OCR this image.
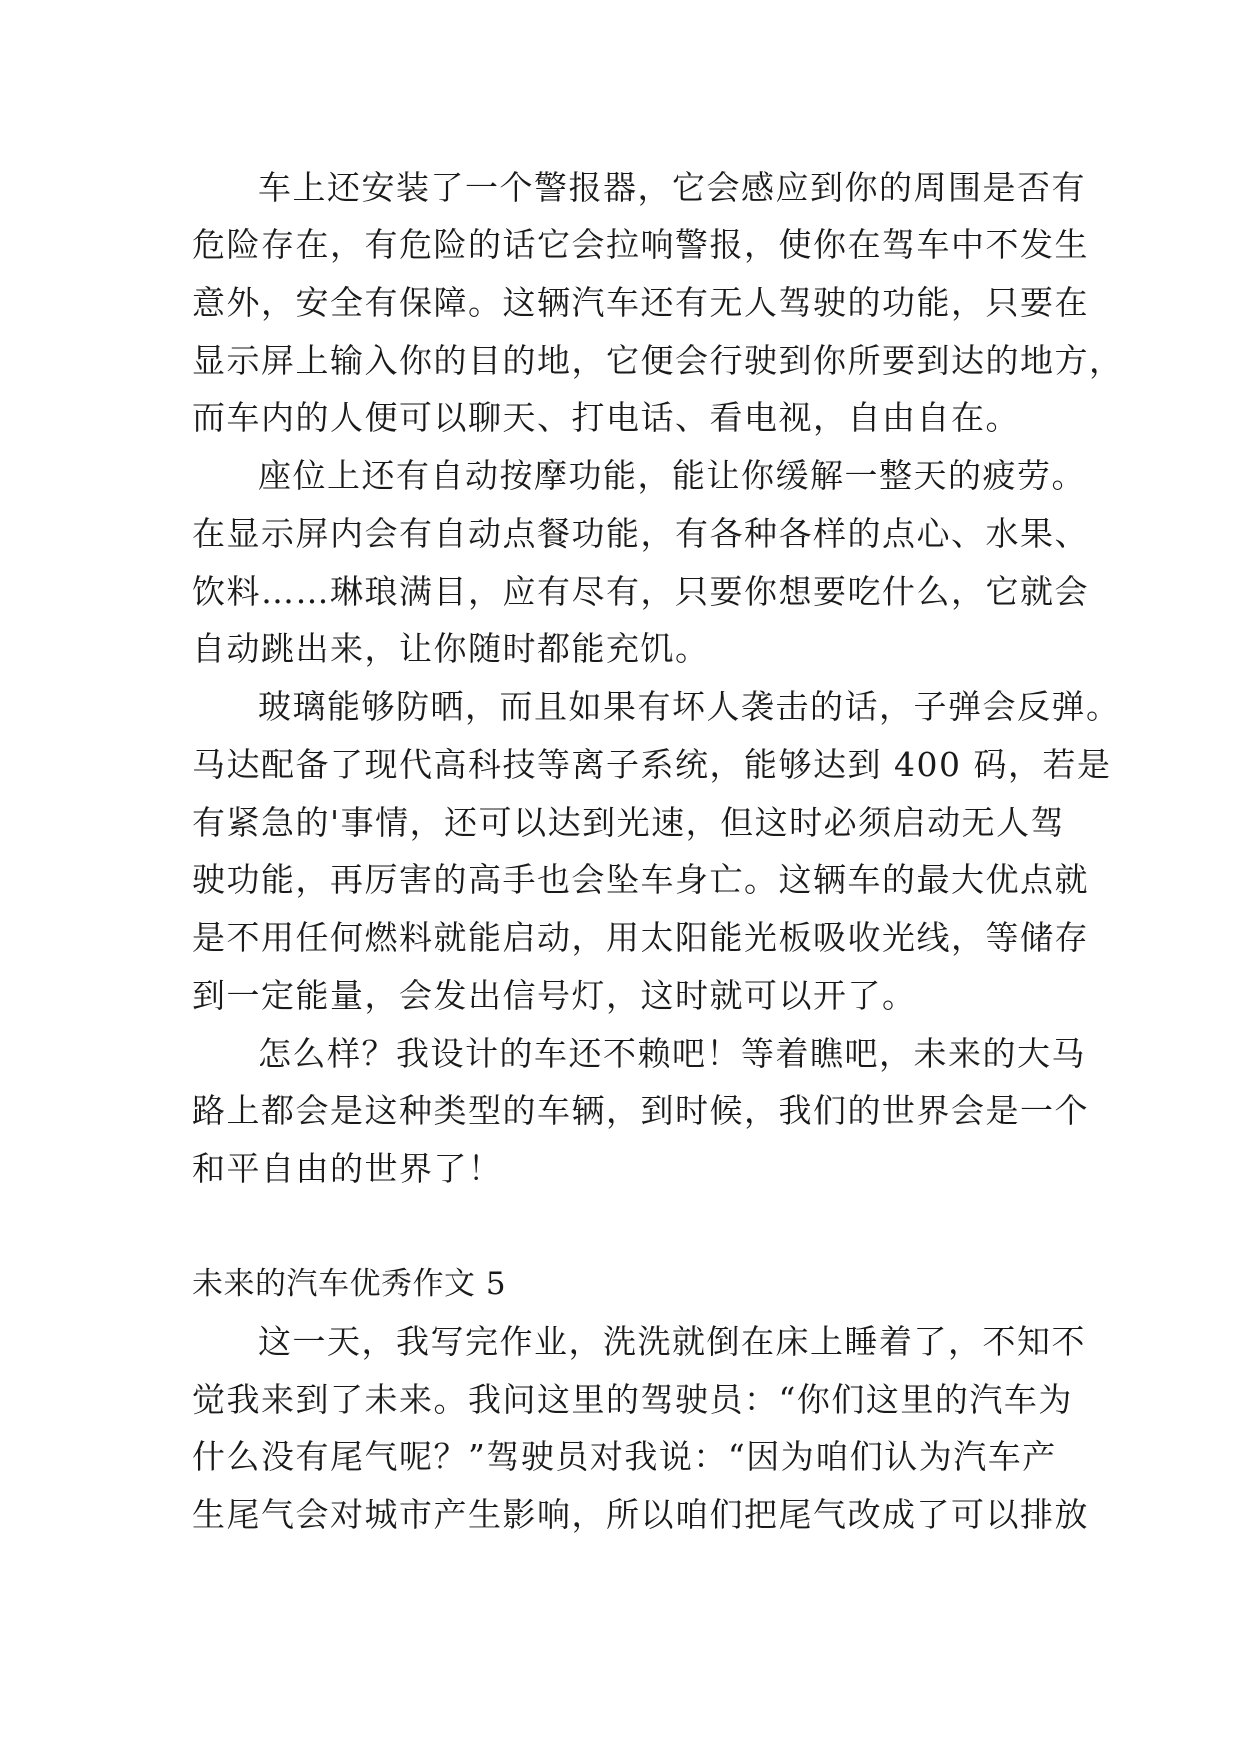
车上还安装了一个警报器，它会感应到你的周围是否有
危险存在，有危险的话它会拉响警报，使你在驾车中不发生
意外，安全有保障。这辆汽车还有无人驾驶的功能，只要在
显示屏上输入你的目的地，它便会行驶到你所要到达的地方，
而车内的人便可以聊天、打电话、看电视，自由自在。
座位上还有自动按摩功能，能让你缓解一整天的疲劳。
在显示屏内会有自动点餐功能，有各种各样的点心、水果、
饮料……琳琅满目，应有尽有，只要你想要吃什么，它就会
自动跳出来，让你随时都能充饥。
玻璃能够防晒，而且如果有坏人袭击的话，子弹会反弹。
马达配备了现代高科技等离子系统，能够达到 400 码，若是
有紧急的'事情，还可以达到光速，但这时必须启动无人驾
驶功能，再厉害的高手也会坠车身亡。这辆车的最大优点就
是不用任何燃料就能启动，用太阳能光板吸收光线，等储存
到一定能量，会发出信号灯，这时就可以开了。
怎么样？我设计的车还不赖吧！等着瞧吧，未来的大马
路上都会是这种类型的车辆，到时候，我们的世界会是一个
和平自由的世界了！
未来的汽车优秀作文 5
这一天，我写完作业，洗洗就倒在床上睡着了，不知不
觉我来到了未来。我问这里的驾驶员：“你们这里的汽车为
什么没有尾气呢？”驾驶员对我说：“因为咱们认为汽车产
生尾气会对城市产生影响，所以咱们把尾气改成了可以排放
